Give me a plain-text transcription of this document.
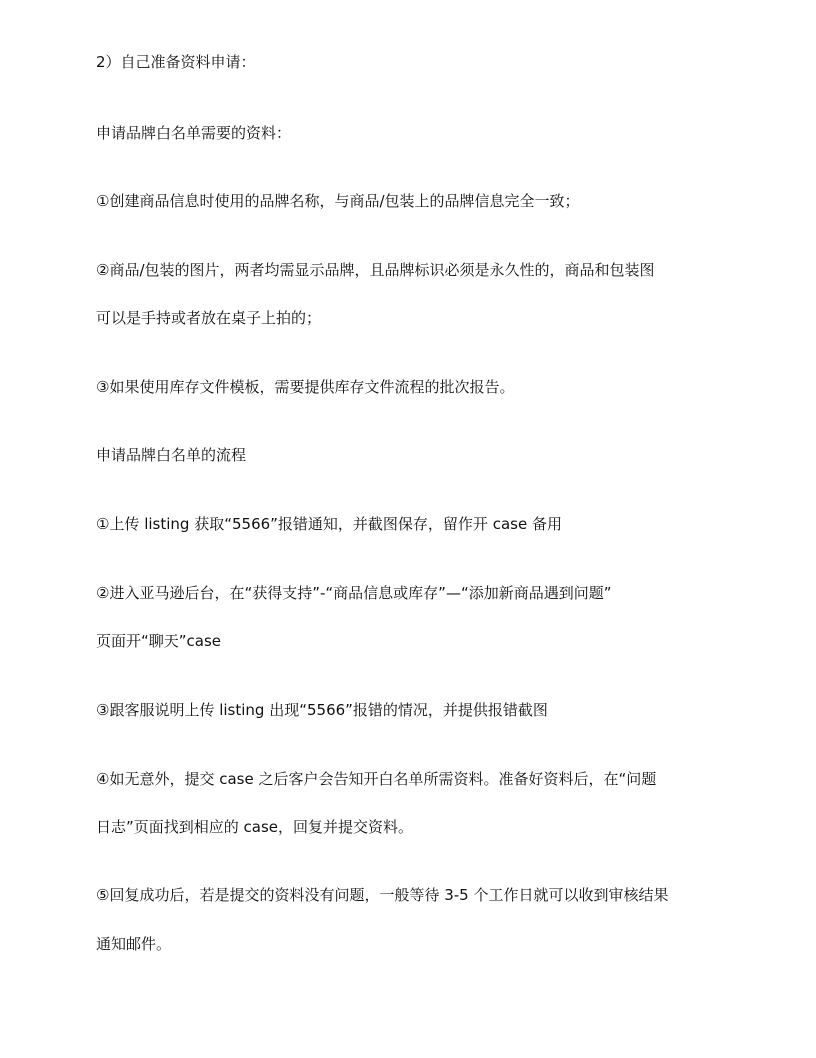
2）自己准备资料申请：
申请品牌白名单需要的资料：
①创建商品信息时使用的品牌名称，与商品/包装上的品牌信息完全一致；
②商品/包装的图片，两者均需显示品牌，且品牌标识必须是永久性的，商品和包装图
可以是手持或者放在桌子上拍的；
③如果使用库存文件模板，需要提供库存文件流程的批次报告。
申请品牌白名单的流程
①上传 listing 获取“5566”报错通知，并截图保存，留作开 case 备用
②进入亚马逊后台，在“获得支持”-“商品信息或库存”—“添加新商品遇到问题”
页面开“聊天”case
③跟客服说明上传 listing 出现“5566”报错的情况，并提供报错截图
④如无意外，提交 case 之后客户会告知开白名单所需资料。准备好资料后，在“问题
日志”页面找到相应的 case，回复并提交资料。
⑤回复成功后，若是提交的资料没有问题，一般等待 3-5 个工作日就可以收到审核结果
通知邮件。
